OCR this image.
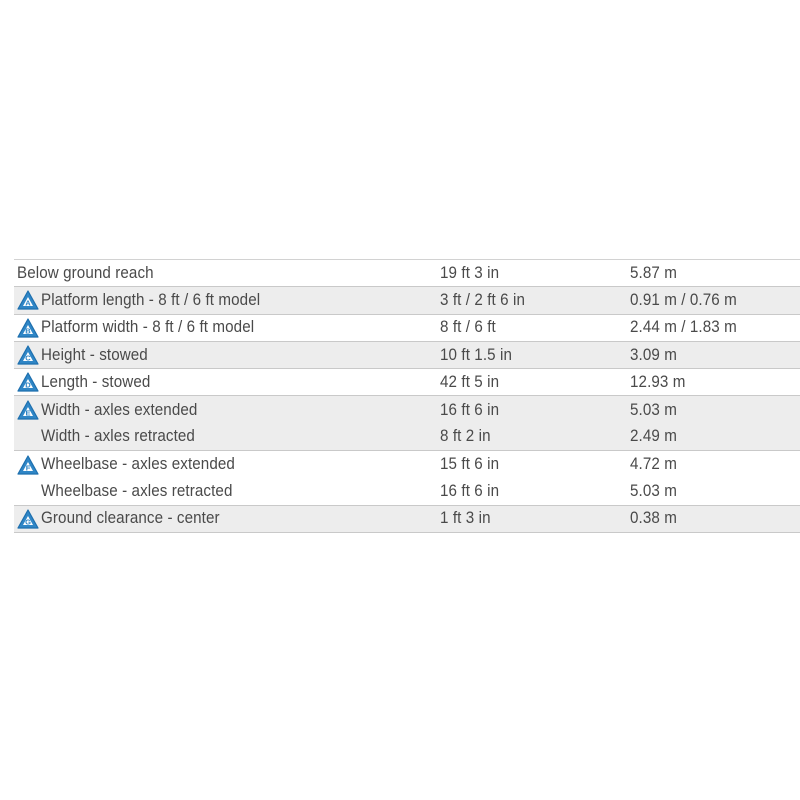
Below ground reach	19 ft 3 in	5.87 m
A Platform length - 8 ft / 6 ft model	3 ft / 2 ft 6 in	0.91 m / 0.76 m
B Platform width - 8 ft / 6 ft model	8 ft / 6 ft	2.44 m / 1.83 m
C Height - stowed	10 ft 1.5 in	3.09 m
D Length - stowed	42 ft 5 in	12.93 m
E Width - axles extended	16 ft 6 in	5.03 m
Width - axles retracted	8 ft 2 in	2.49 m
F Wheelbase - axles extended	15 ft 6 in	4.72 m
Wheelbase - axles retracted	16 ft 6 in	5.03 m
G Ground clearance - center	1 ft 3 in	0.38 m
